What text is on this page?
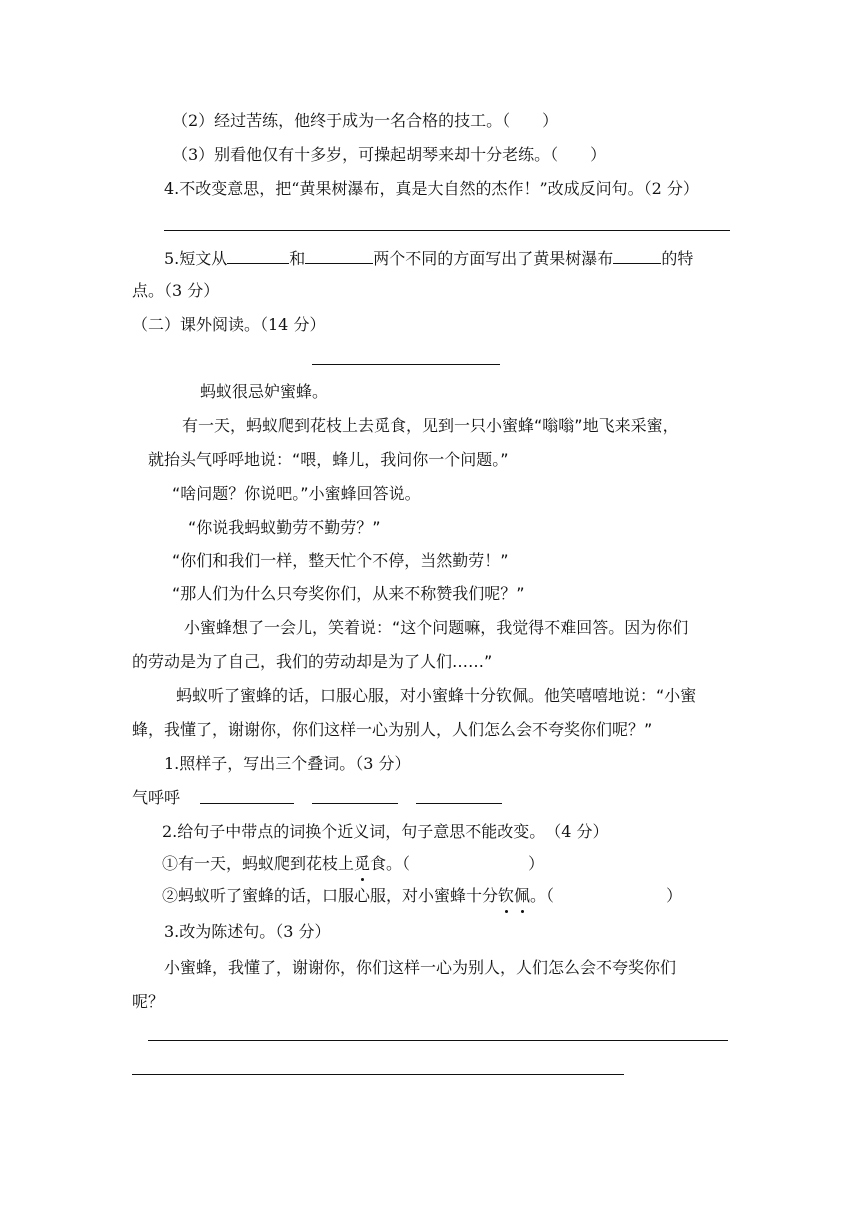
（2）经过苦练，他终于成为一名合格的技工。（　　）
（3）别看他仅有十多岁，可操起胡琴来却十分老练。（　　）
4.不改变意思，把“黄果树瀑布，真是大自然的杰作！”改成反问句。（2 分）
5.短文从	和	两个不同的方面写出了黄果树瀑布	的特
点。（3 分）
（二）课外阅读。（14 分）
蚂蚁很忌妒蜜蜂。
有一天，蚂蚁爬到花枝上去觅食，见到一只小蜜蜂“嗡嗡”地飞来采蜜，
就抬头气呼呼地说：“喂，蜂儿，我问你一个问题。”
“啥问题？你说吧。”小蜜蜂回答说。
“你说我蚂蚁勤劳不勤劳？”
“你们和我们一样，整天忙个不停，当然勤劳！”
“那人们为什么只夸奖你们，从来不称赞我们呢？”
小蜜蜂想了一会儿，笑着说：“这个问题嘛，我觉得不难回答。因为你们
的劳动是为了自己，我们的劳动却是为了人们……”
蚂蚁听了蜜蜂的话，口服心服，对小蜜蜂十分钦佩。他笑嘻嘻地说：“小蜜
蜂，我懂了，谢谢你，你们这样一心为别人，人们怎么会不夸奖你们呢？”
1.照样子，写出三个叠词。（3 分）
气呼呼
2.给句子中带点的词换个近义词，句子意思不能改变。　（4 分）
①有一天，蚂蚁爬到花枝上觅食。（	）
②蚂蚁听了蜜蜂的话，口服心服，对小蜜蜂十分钦佩。（	）
3.改为陈述句。（3 分）
小蜜蜂，我懂了，谢谢你，你们这样一心为别人，人们怎么会不夸奖你们
呢？
